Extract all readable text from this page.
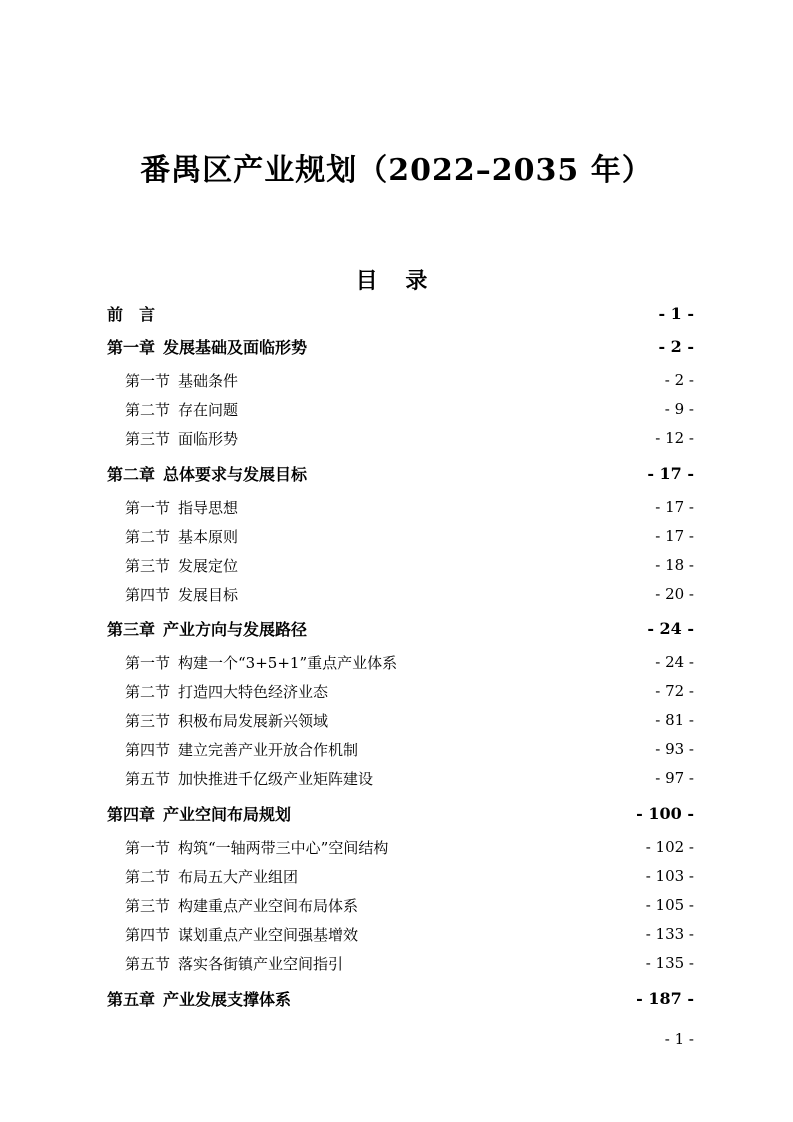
番禺区产业规划（2022–2035 年）
目 录
前　言	- 1 -
第一章 发展基础及面临形势	- 2 -
第一节 基础条件	- 2 -
第二节 存在问题	- 9 -
第三节 面临形势	- 12 -
第二章 总体要求与发展目标	- 17 -
第一节 指导思想	- 17 -
第二节 基本原则	- 17 -
第三节 发展定位	- 18 -
第四节 发展目标	- 20 -
第三章 产业方向与发展路径	- 24 -
第一节 构建一个“3+5+1”重点产业体系	- 24 -
第二节 打造四大特色经济业态	- 72 -
第三节 积极布局发展新兴领域	- 81 -
第四节 建立完善产业开放合作机制	- 93 -
第五节 加快推进千亿级产业矩阵建设	- 97 -
第四章 产业空间布局规划	- 100 -
第一节 构筑“一轴两带三中心”空间结构	- 102 -
第二节 布局五大产业组团	- 103 -
第三节 构建重点产业空间布局体系	- 105 -
第四节 谋划重点产业空间强基增效	- 133 -
第五节 落实各街镇产业空间指引	- 135 -
第五章 产业发展支撑体系	- 187 -
- 1 -
